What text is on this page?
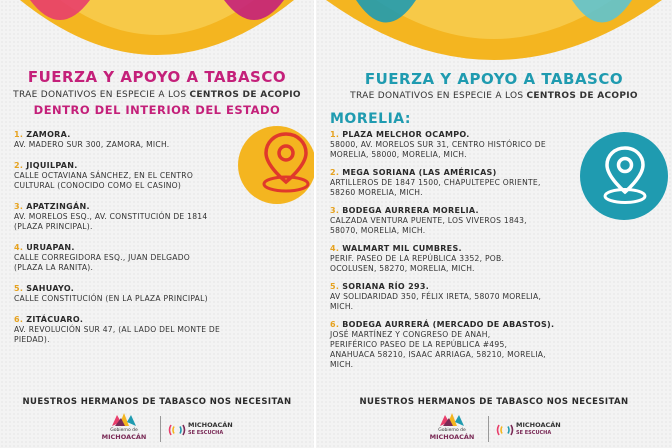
FUERZA Y APOYO A TABASCO
TRAE DONATIVOS EN ESPECIE A LOS CENTROS DE ACOPIO
DENTRO DEL INTERIOR DEL ESTADO
1. ZAMORA.
AV. MADERO SUR 300, ZAMORA, MICH.
2. JIQUILPAN.
CALLE OCTAVIANA SÁNCHEZ, EN EL CENTRO
CULTURAL (CONOCIDO COMO EL CASINO)
3. APATZINGÁN.
AV. MORELOS ESQ., AV. CONSTITUCIÓN DE 1814
(PLAZA PRINCIPAL).
4. URUAPAN.
CALLE CORREGIDORA ESQ., JUAN DELGADO
(PLAZA LA RANITA).
5. SAHUAYO.
CALLE CONSTITUCIÓN (EN LA PLAZA PRINCIPAL)
6. ZITÁCUARO.
AV. REVOLUCIÓN SUR 47, (AL LADO DEL MONTE DE
PIEDAD).
NUESTROS HERMANOS DE TABASCO NOS NECESITAN
Gobierno de
MICHOACÁN
MICHOACÁN
SE ESCUCHA
FUERZA Y APOYO A TABASCO
TRAE DONATIVOS EN ESPECIE A LOS CENTROS DE ACOPIO
MORELIA:
1. PLAZA MELCHOR OCAMPO.
58000, AV. MORELOS SUR 31, CENTRO HISTÓRICO DE
MORELIA, 58000, MORELIA, MICH.
2. MEGA SORIANA (LAS AMÉRICAS)
ARTILLEROS DE 1847 1500, CHAPULTEPEC ORIENTE,
58260 MORELIA, MICH.
3. BODEGA AURRERA MORELIA.
CALZADA VENTURA PUENTE, LOS VIVEROS 1843,
58070, MORELIA, MICH.
4. WALMART MIL CUMBRES.
PERIF. PASEO DE LA REPÚBLICA 3352, POB.
OCOLUSEN, 58270, MORELIA, MICH.
5. SORIANA RÍO 293.
AV SOLIDARIDAD 350, FÉLIX IRETA, 58070 MORELIA,
MICH.
6. BODEGA AURRERÁ (MERCADO DE ABASTOS).
JOSÉ MARTÍNEZ Y CONGRESO DE ANAH,
PERIFÉRICO PASEO DE LA REPÚBLICA #495,
ANAHUACA 58210, ISAAC ARRIAGA, 58210, MORELIA,
MICH.
NUESTROS HERMANOS DE TABASCO NOS NECESITAN
Gobierno de
MICHOACÁN
MICHOACÁN
SE ESCUCHA
